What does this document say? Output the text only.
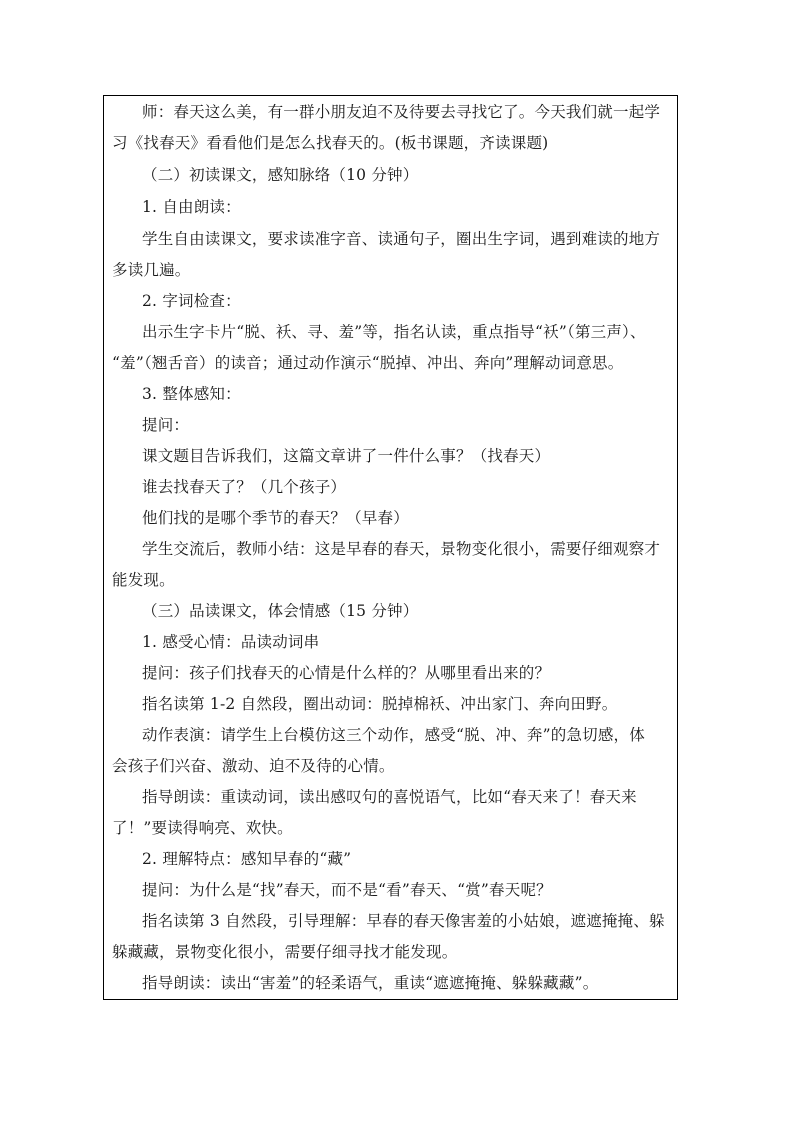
师：春天这么美，有一群小朋友迫不及待要去寻找它了。今天我们就一起学
习《找春天》看看他们是怎么找春天的。(板书课题，齐读课题)
（二）初读课文，感知脉络（10 分钟）
1. 自由朗读：
学生自由读课文，要求读准字音、读通句子，圈出生字词，遇到难读的地方
多读几遍。
2. 字词检查：
出示生字卡片“脱、袄、寻、羞”等，指名认读，重点指导“袄”（第三声）、
“羞”（翘舌音）的读音；通过动作演示“脱掉、冲出、奔向”理解动词意思。
3. 整体感知：
提问：
课文题目告诉我们，这篇文章讲了一件什么事？（找春天）
谁去找春天了？（几个孩子）
他们找的是哪个季节的春天？（早春）
学生交流后，教师小结：这是早春的春天，景物变化很小，需要仔细观察才
能发现。
（三）品读课文，体会情感（15 分钟）
1. 感受心情：品读动词串
提问：孩子们找春天的心情是什么样的？从哪里看出来的？
指名读第 1-2 自然段，圈出动词：脱掉棉袄、冲出家门、奔向田野。
动作表演：请学生上台模仿这三个动作，感受“脱、冲、奔”的急切感，体
会孩子们兴奋、激动、迫不及待的心情。
指导朗读：重读动词，读出感叹句的喜悦语气，比如“春天来了！春天来
了！”要读得响亮、欢快。
2. 理解特点：感知早春的“藏”
提问：为什么是“找”春天，而不是“看”春天、“赏”春天呢？
指名读第 3 自然段，引导理解：早春的春天像害羞的小姑娘，遮遮掩掩、躲
躲藏藏，景物变化很小，需要仔细寻找才能发现。
指导朗读：读出“害羞”的轻柔语气，重读“遮遮掩掩、躲躲藏藏”。
